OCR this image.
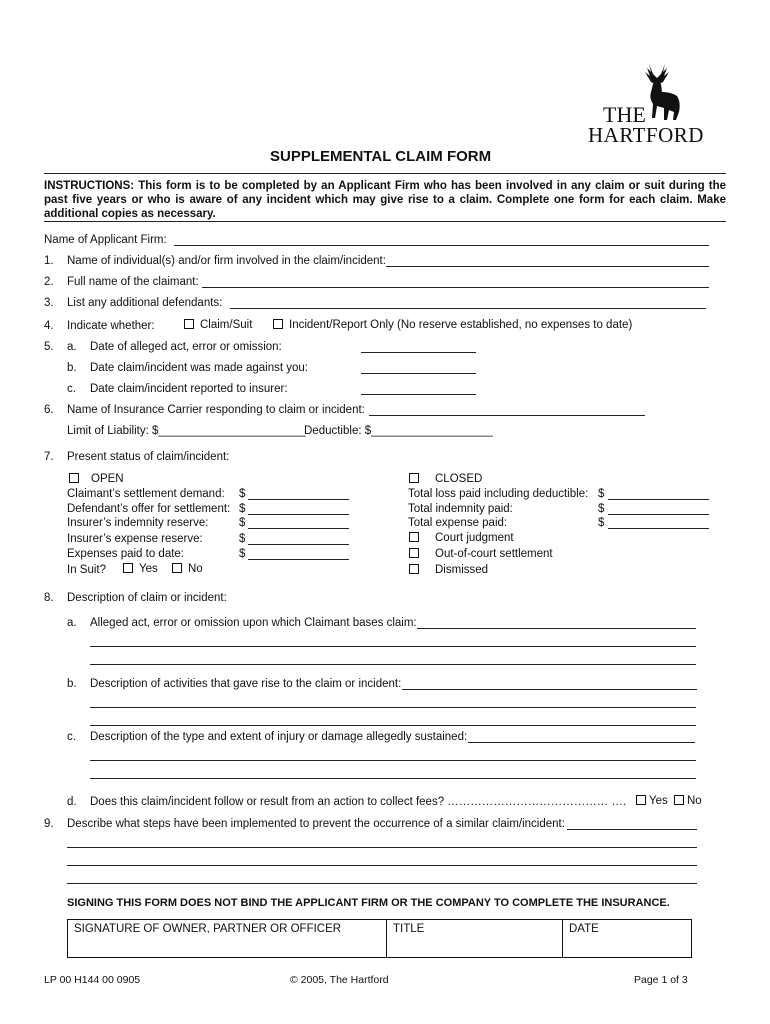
THE
HARTFORD
SUPPLEMENTAL CLAIM FORM
INSTRUCTIONS: This form is to be completed by an Applicant Firm who has been involved in any claim or suit during the past five years or who is aware of any incident which may give rise to a claim. Complete one form for each claim. Make additional copies as necessary.
Name of Applicant Firm:
1. Name of individual(s) and/or firm involved in the claim/incident:
2. Full name of the claimant:
3. List any additional defendants:
4. Indicate whether:	Claim/Suit	Incident/Report Only (No reserve established, no expenses to date)
5. a. Date of alleged act, error or omission:
b. Date claim/incident was made against you:
c. Date claim/incident reported to insurer:
6. Name of Insurance Carrier responding to claim or incident:
Limit of Liability: $_______________________
Deductible: $___________________
7. Present status of claim/incident:
OPEN
Claimant’s settlement demand: $
Defendant’s offer for settlement: $
Insurer’s indemnity reserve:	$
Insurer’s expense reserve:	$
Expenses paid to date:	$
In Suit?	Yes	No
CLOSED
Total loss paid including deductible: $
Total indemnity paid:	$
Total expense paid:	$
Court judgment
Out-of-court settlement
Dismissed
8. Description of claim or incident:
a. Alleged act, error or omission upon which Claimant bases claim:
b. Description of activities that gave rise to the claim or incident:
c. Description of the type and extent of injury or damage allegedly sustained:
d. Does this claim/incident follow or result from an action to collect fees? …………………………………… ….	Yes	No
9. Describe what steps have been implemented to prevent the occurrence of a similar claim/incident:
SIGNING THIS FORM DOES NOT BIND THE APPLICANT FIRM OR THE COMPANY TO COMPLETE THE INSURANCE.
SIGNATURE OF OWNER, PARTNER OR OFFICER	TITLE	DATE
LP 00 H144 00 0905	© 2005, The Hartford	Page 1 of 3
